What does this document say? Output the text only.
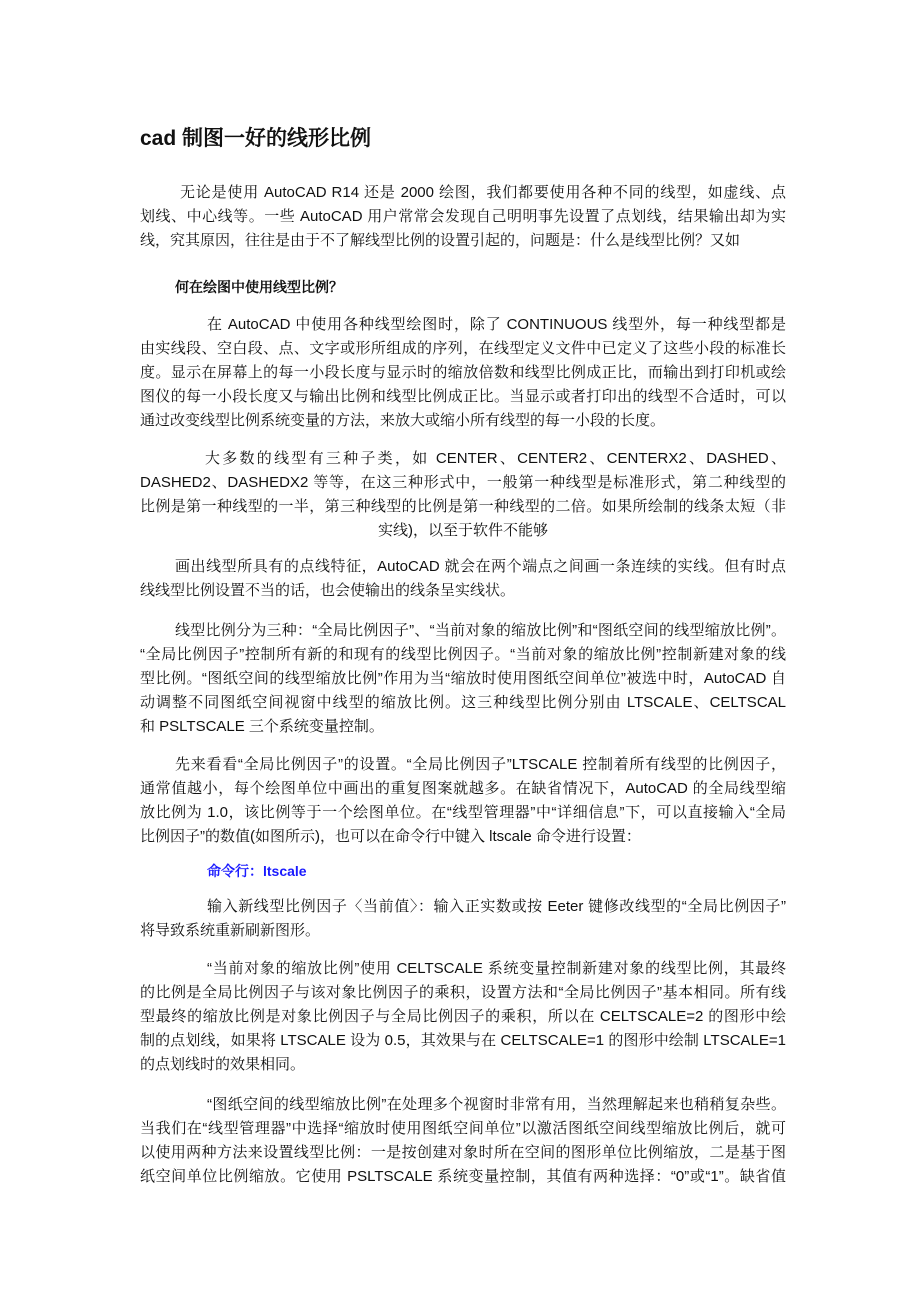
cad 制图一好的线形比例
无论是使用 AutoCAD R14 还是 2000 绘图，我们都要使用各种不同的线型，如虚线、点
划线、中心线等。一些 AutoCAD 用户常常会发现自己明明事先设置了点划线，结果输出却为实
线，究其原因，往往是由于不了解线型比例的设置引起的，问题是：什么是线型比例？又如
何在绘图中使用线型比例？
在 AutoCAD 中使用各种线型绘图时，除了 CONTINUOUS 线型外，每一种线型都是
由实线段、空白段、点、文字或形所组成的序列，在线型定义文件中已定义了这些小段的标准长
度。显示在屏幕上的每一小段长度与显示时的缩放倍数和线型比例成正比，而输出到打印机或绘
图仪的每一小段长度又与输出比例和线型比例成正比。当显示或者打印出的线型不合适时，可以
通过改变线型比例系统变量的方法，来放大或缩小所有线型的每一小段的长度。
大多数的线型有三种子类，如 CENTER、CENTER2、CENTERX2、DASHED、
DASHED2、DASHEDX2 等等，在这三种形式中，一般第一种线型是标准形式，第二种线型的
比例是第一种线型的一半，第三种线型的比例是第一种线型的二倍。如果所绘制的线条太短（非
实线)，以至于软件不能够
画出线型所具有的点线特征，AutoCAD 就会在两个端点之间画一条连续的实线。但有时点
线线型比例设置不当的话，也会使输出的线条呈实线状。
线型比例分为三种：“全局比例因子”、“当前对象的缩放比例”和“图纸空间的线型缩放比例”。
“全局比例因子”控制所有新的和现有的线型比例因子。“当前对象的缩放比例”控制新建对象的线
型比例。“图纸空间的线型缩放比例”作用为当“缩放时使用图纸空间单位”被选中时，AutoCAD 自
动调整不同图纸空间视窗中线型的缩放比例。这三种线型比例分别由 LTSCALE、CELTSCAL
和 PSLTSCALE 三个系统变量控制。
先来看看“全局比例因子”的设置。“全局比例因子”LTSCALE 控制着所有线型的比例因子，
通常值越小，每个绘图单位中画出的重复图案就越多。在缺省情况下，AutoCAD 的全局线型缩
放比例为 1.0，该比例等于一个绘图单位。在“线型管理器”中“详细信息”下，可以直接输入“全局
比例因子”的数值(如图所示)，也可以在命令行中键入 ltscale 命令进行设置：
命令行：ltscale
输入新线型比例因子〈当前值〉：输入正实数或按 Eeter 键修改线型的“全局比例因子”
将导致系统重新刷新图形。
“当前对象的缩放比例”使用 CELTSCALE 系统变量控制新建对象的线型比例，其最终
的比例是全局比例因子与该对象比例因子的乘积，设置方法和“全局比例因子”基本相同。所有线
型最终的缩放比例是对象比例因子与全局比例因子的乘积，所以在 CELTSCALE=2 的图形中绘
制的点划线，如果将 LTSCALE 设为 0.5，其效果与在 CELTSCALE=1 的图形中绘制 LTSCALE=1
的点划线时的效果相同。
“图纸空间的线型缩放比例”在处理多个视窗时非常有用，当然理解起来也稍稍复杂些。
当我们在“线型管理器”中选择“缩放时使用图纸空间单位”以激活图纸空间线型缩放比例后，就可
以使用两种方法来设置线型比例：一是按创建对象时所在空间的图形单位比例缩放，二是基于图
纸空间单位比例缩放。它使用 PSLTSCALE 系统变量控制，其值有两种选择：“0”或“1”。缺省值
